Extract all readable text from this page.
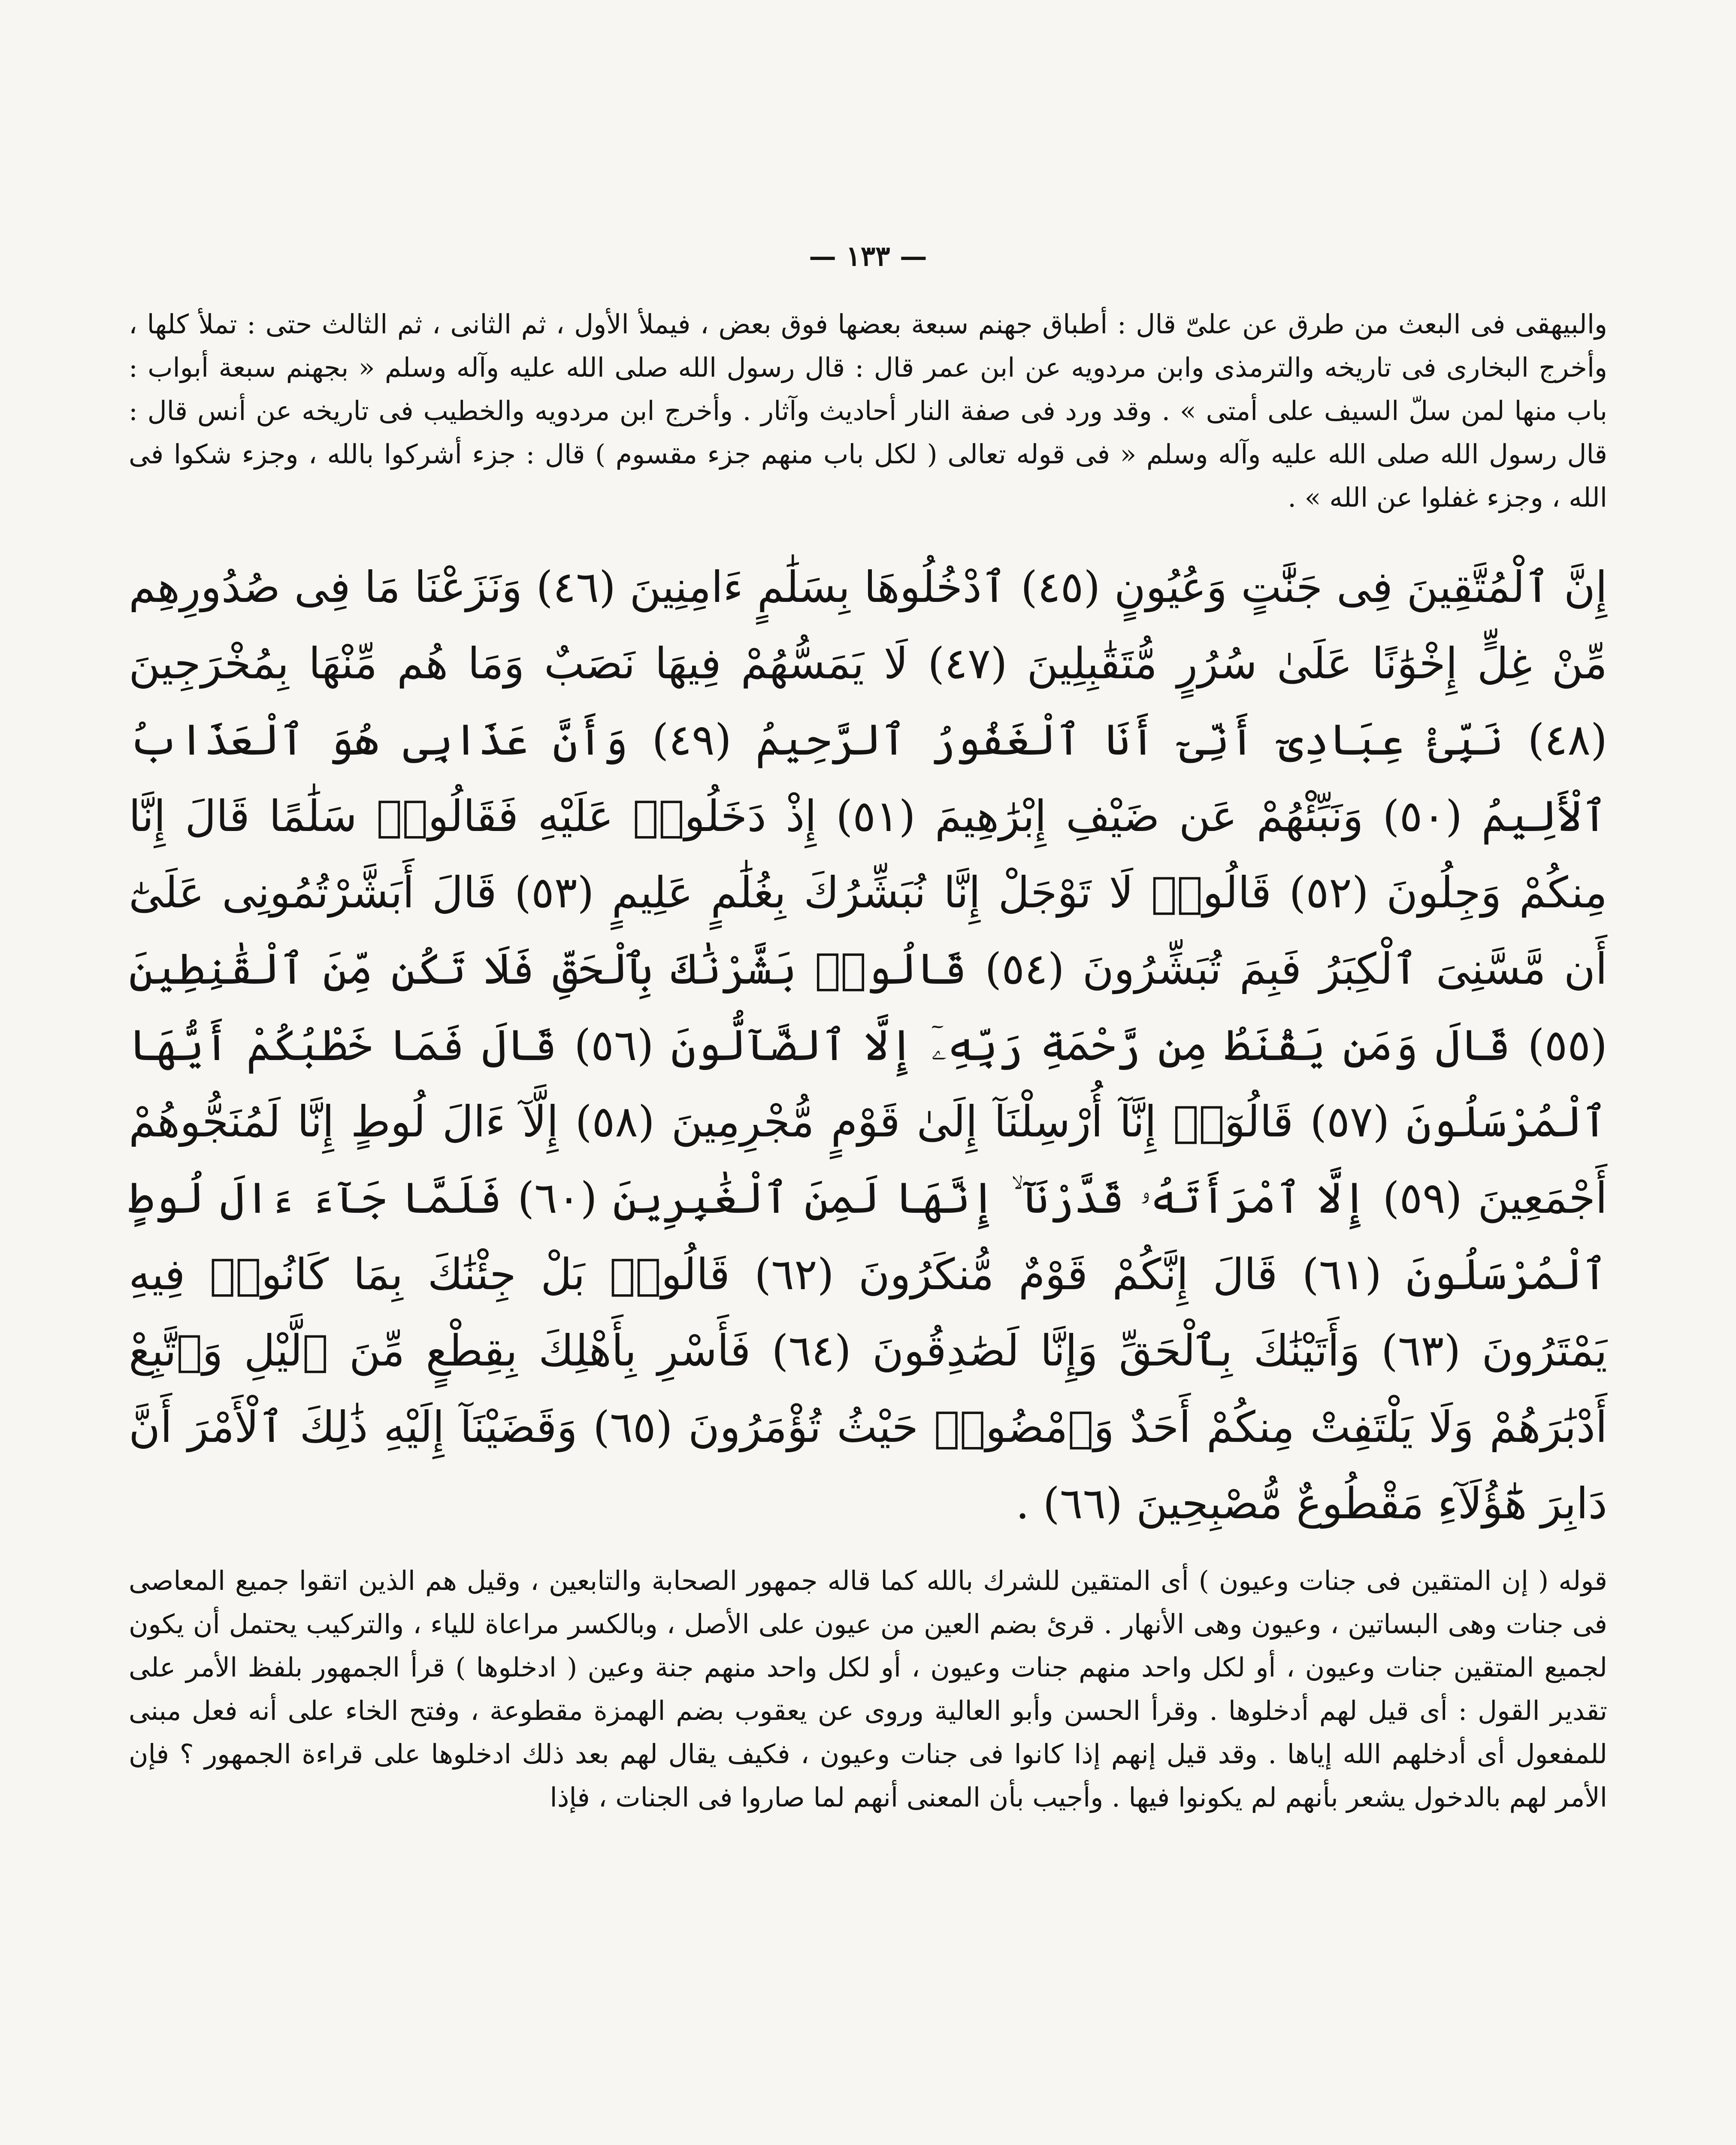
— ١٣٣ —

والبيهقى فى البعث من طرق عن علىّ قال : أطباق جهنم سبعة بعضها فوق بعض ، فيملأ الأول ، ثم الثانى ، ثم الثالث حتى : تملأ كلها ، وأخرج البخارى فى تاريخه والترمذى وابن مردويه عن ابن عمر قال : قال رسول الله صلى الله عليه وآله وسلم « بجهنم سبعة أبواب : باب منها لمن سلّ السيف على أمتى » . وقد ورد فى صفة النار أحاديث وآثار . وأخرج ابن مردويه والخطيب فى تاريخه عن أنس قال : قال رسول الله صلى الله عليه وآله وسلم « فى قوله تعالى ( لكل باب منهم جزء مقسوم ) قال : جزء أشركوا بالله ، وجزء شكوا فى الله ، وجزء غفلوا عن الله » .

إِنَّ ٱلْمُتَّقِينَ فِى جَنَّٰتٍ وَعُيُونٍ (٤٥) ٱدْخُلُوهَا بِسَلَٰمٍ ءَامِنِينَ (٤٦) وَنَزَعْنَا مَا فِى صُدُورِهِم مِّنْ غِلٍّ إِخْوَٰنًا عَلَىٰ سُرُرٍ مُّتَقَٰبِلِينَ (٤٧) لَا يَمَسُّهُمْ فِيهَا نَصَبٌ وَمَا هُم مِّنْهَا بِمُخْرَجِينَ (٤٨) نَبِّئْ عِبَادِىٓ أَنِّىٓ أَنَا ٱلْغَفُورُ ٱلرَّحِيمُ (٤٩) وَأَنَّ عَذَابِى هُوَ ٱلْعَذَابُ ٱلْأَلِيمُ (٥٠) وَنَبِّئْهُمْ عَن ضَيْفِ إِبْرَٰهِيمَ (٥١) إِذْ دَخَلُوا۟ عَلَيْهِ فَقَالُوا۟ سَلَٰمًا قَالَ إِنَّا مِنكُمْ وَجِلُونَ (٥٢) قَالُوا۟ لَا تَوْجَلْ إِنَّا نُبَشِّرُكَ بِغُلَٰمٍ عَلِيمٍ (٥٣) قَالَ أَبَشَّرْتُمُونِى عَلَىٰٓ أَن مَّسَّنِىَ ٱلْكِبَرُ فَبِمَ تُبَشِّرُونَ (٥٤) قَالُوا۟ بَشَّرْنَٰكَ بِٱلْحَقِّ فَلَا تَكُن مِّنَ ٱلْقَٰنِطِينَ (٥٥) قَالَ وَمَن يَقْنَطُ مِن رَّحْمَةِ رَبِّهِۦٓ إِلَّا ٱلضَّآلُّونَ (٥٦) قَالَ فَمَا خَطْبُكُمْ أَيُّهَا ٱلْمُرْسَلُونَ (٥٧) قَالُوٓا۟ إِنَّآ أُرْسِلْنَآ إِلَىٰ قَوْمٍ مُّجْرِمِينَ (٥٨) إِلَّآ ءَالَ لُوطٍ إِنَّا لَمُنَجُّوهُمْ أَجْمَعِينَ (٥٩) إِلَّا ٱمْرَأَتَهُۥ قَدَّرْنَآ ۙ إِنَّهَا لَمِنَ ٱلْغَٰبِرِينَ (٦٠) فَلَمَّا جَآءَ ءَالَ لُوطٍ ٱلْمُرْسَلُونَ (٦١) قَالَ إِنَّكُمْ قَوْمٌ مُّنكَرُونَ (٦٢) قَالُوا۟ بَلْ جِئْنَٰكَ بِمَا كَانُوا۟ فِيهِ يَمْتَرُونَ (٦٣) وَأَتَيْنَٰكَ بِٱلْحَقِّ وَإِنَّا لَصَٰدِقُونَ (٦٤) فَأَسْرِ بِأَهْلِكَ بِقِطْعٍ مِّنَ ٱلَّيْلِ وَٱتَّبِعْ أَدْبَٰرَهُمْ وَلَا يَلْتَفِتْ مِنكُمْ أَحَدٌ وَٱمْضُوا۟ حَيْثُ تُؤْمَرُونَ (٦٥) وَقَضَيْنَآ إِلَيْهِ ذَٰلِكَ ٱلْأَمْرَ أَنَّ دَابِرَ هَٰٓؤُلَآءِ مَقْطُوعٌ مُّصْبِحِينَ (٦٦) .

قوله ( إن المتقين فى جنات وعيون ) أى المتقين للشرك بالله كما قاله جمهور الصحابة والتابعين ، وقيل هم الذين اتقوا جميع المعاصى فى جنات وهى البساتين ، وعيون وهى الأنهار . قرئ بضم العين من عيون على الأصل ، وبالكسر مراعاة للياء ، والتركيب يحتمل أن يكون لجميع المتقين جنات وعيون ، أو لكل واحد منهم جنات وعيون ، أو لكل واحد منهم جنة وعين ( ادخلوها ) قرأ الجمهور بلفظ الأمر على تقدير القول : أى قيل لهم أدخلوها . وقرأ الحسن وأبو العالية وروى عن يعقوب بضم الهمزة مقطوعة ، وفتح الخاء على أنه فعل مبنى للمفعول أى أدخلهم الله إياها . وقد قيل إنهم إذا كانوا فى جنات وعيون ، فكيف يقال لهم بعد ذلك ادخلوها على قراءة الجمهور ؟ فإن الأمر لهم بالدخول يشعر بأنهم لم يكونوا فيها . وأجيب بأن المعنى أنهم لما صاروا فى الجنات ، فإذا
